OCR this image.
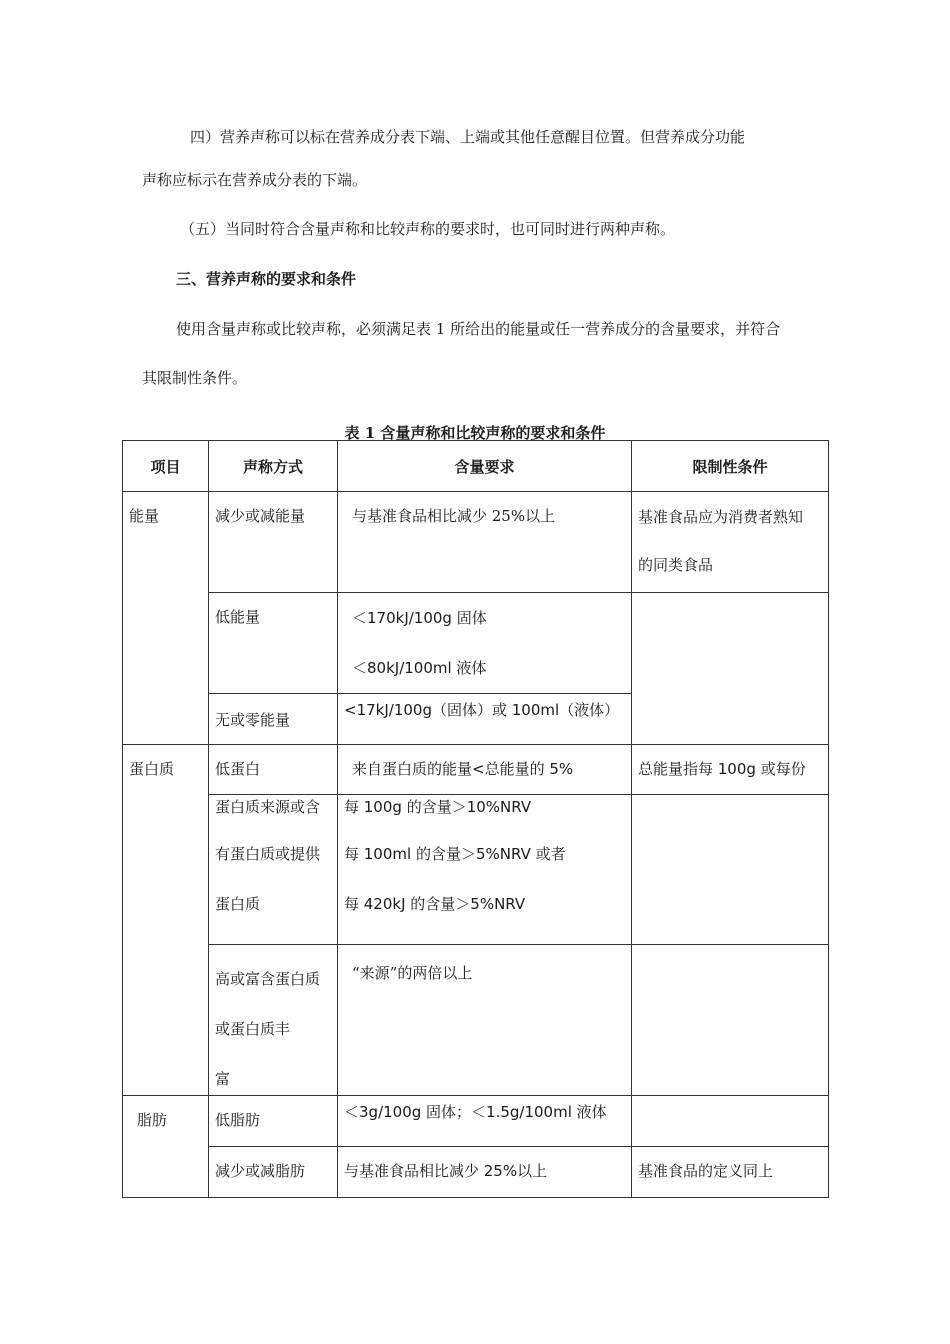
四）营养声称可以标在营养成分表下端、上端或其他任意醒目位置。但营养成分功能
声称应标示在营养成分表的下端。
（五）当同时符合含量声称和比较声称的要求时，也可同时进行两种声称。
三、营养声称的要求和条件
使用含量声称或比较声称，必须满足表 1 所给出的能量或任一营养成分的含量要求，并符合
其限制性条件。
表 1 含量声称和比较声称的要求和条件
项目	声称方式	含量要求	限制性条件
能量	减少或减能量	与基准食品相比减少 25%以上	基准食品应为消费者熟知
的同类食品

	低能量	＜170kJ/100g 固体
＜80kJ/100ml 液体	

	无或零能量	<17kJ/100g（固体）或 100ml（液体）	
蛋白质	低蛋白	来自蛋白质的能量<总能量的 5%	总能量指每 100g 或每份

	蛋白质来源或含
有蛋白质或提供
蛋白质	每 100g 的含量＞10%NRV
每 100ml 的含量＞5%NRV 或者
每 420kJ 的含量＞5%NRV	

	高或富含蛋白质
或蛋白质丰
富	“来源”的两倍以上	
脂肪	低脂肪	＜3g/100g 固体；＜1.5g/100ml 液体	
	减少或减脂肪	与基准食品相比减少 25%以上	基准食品的定义同上
